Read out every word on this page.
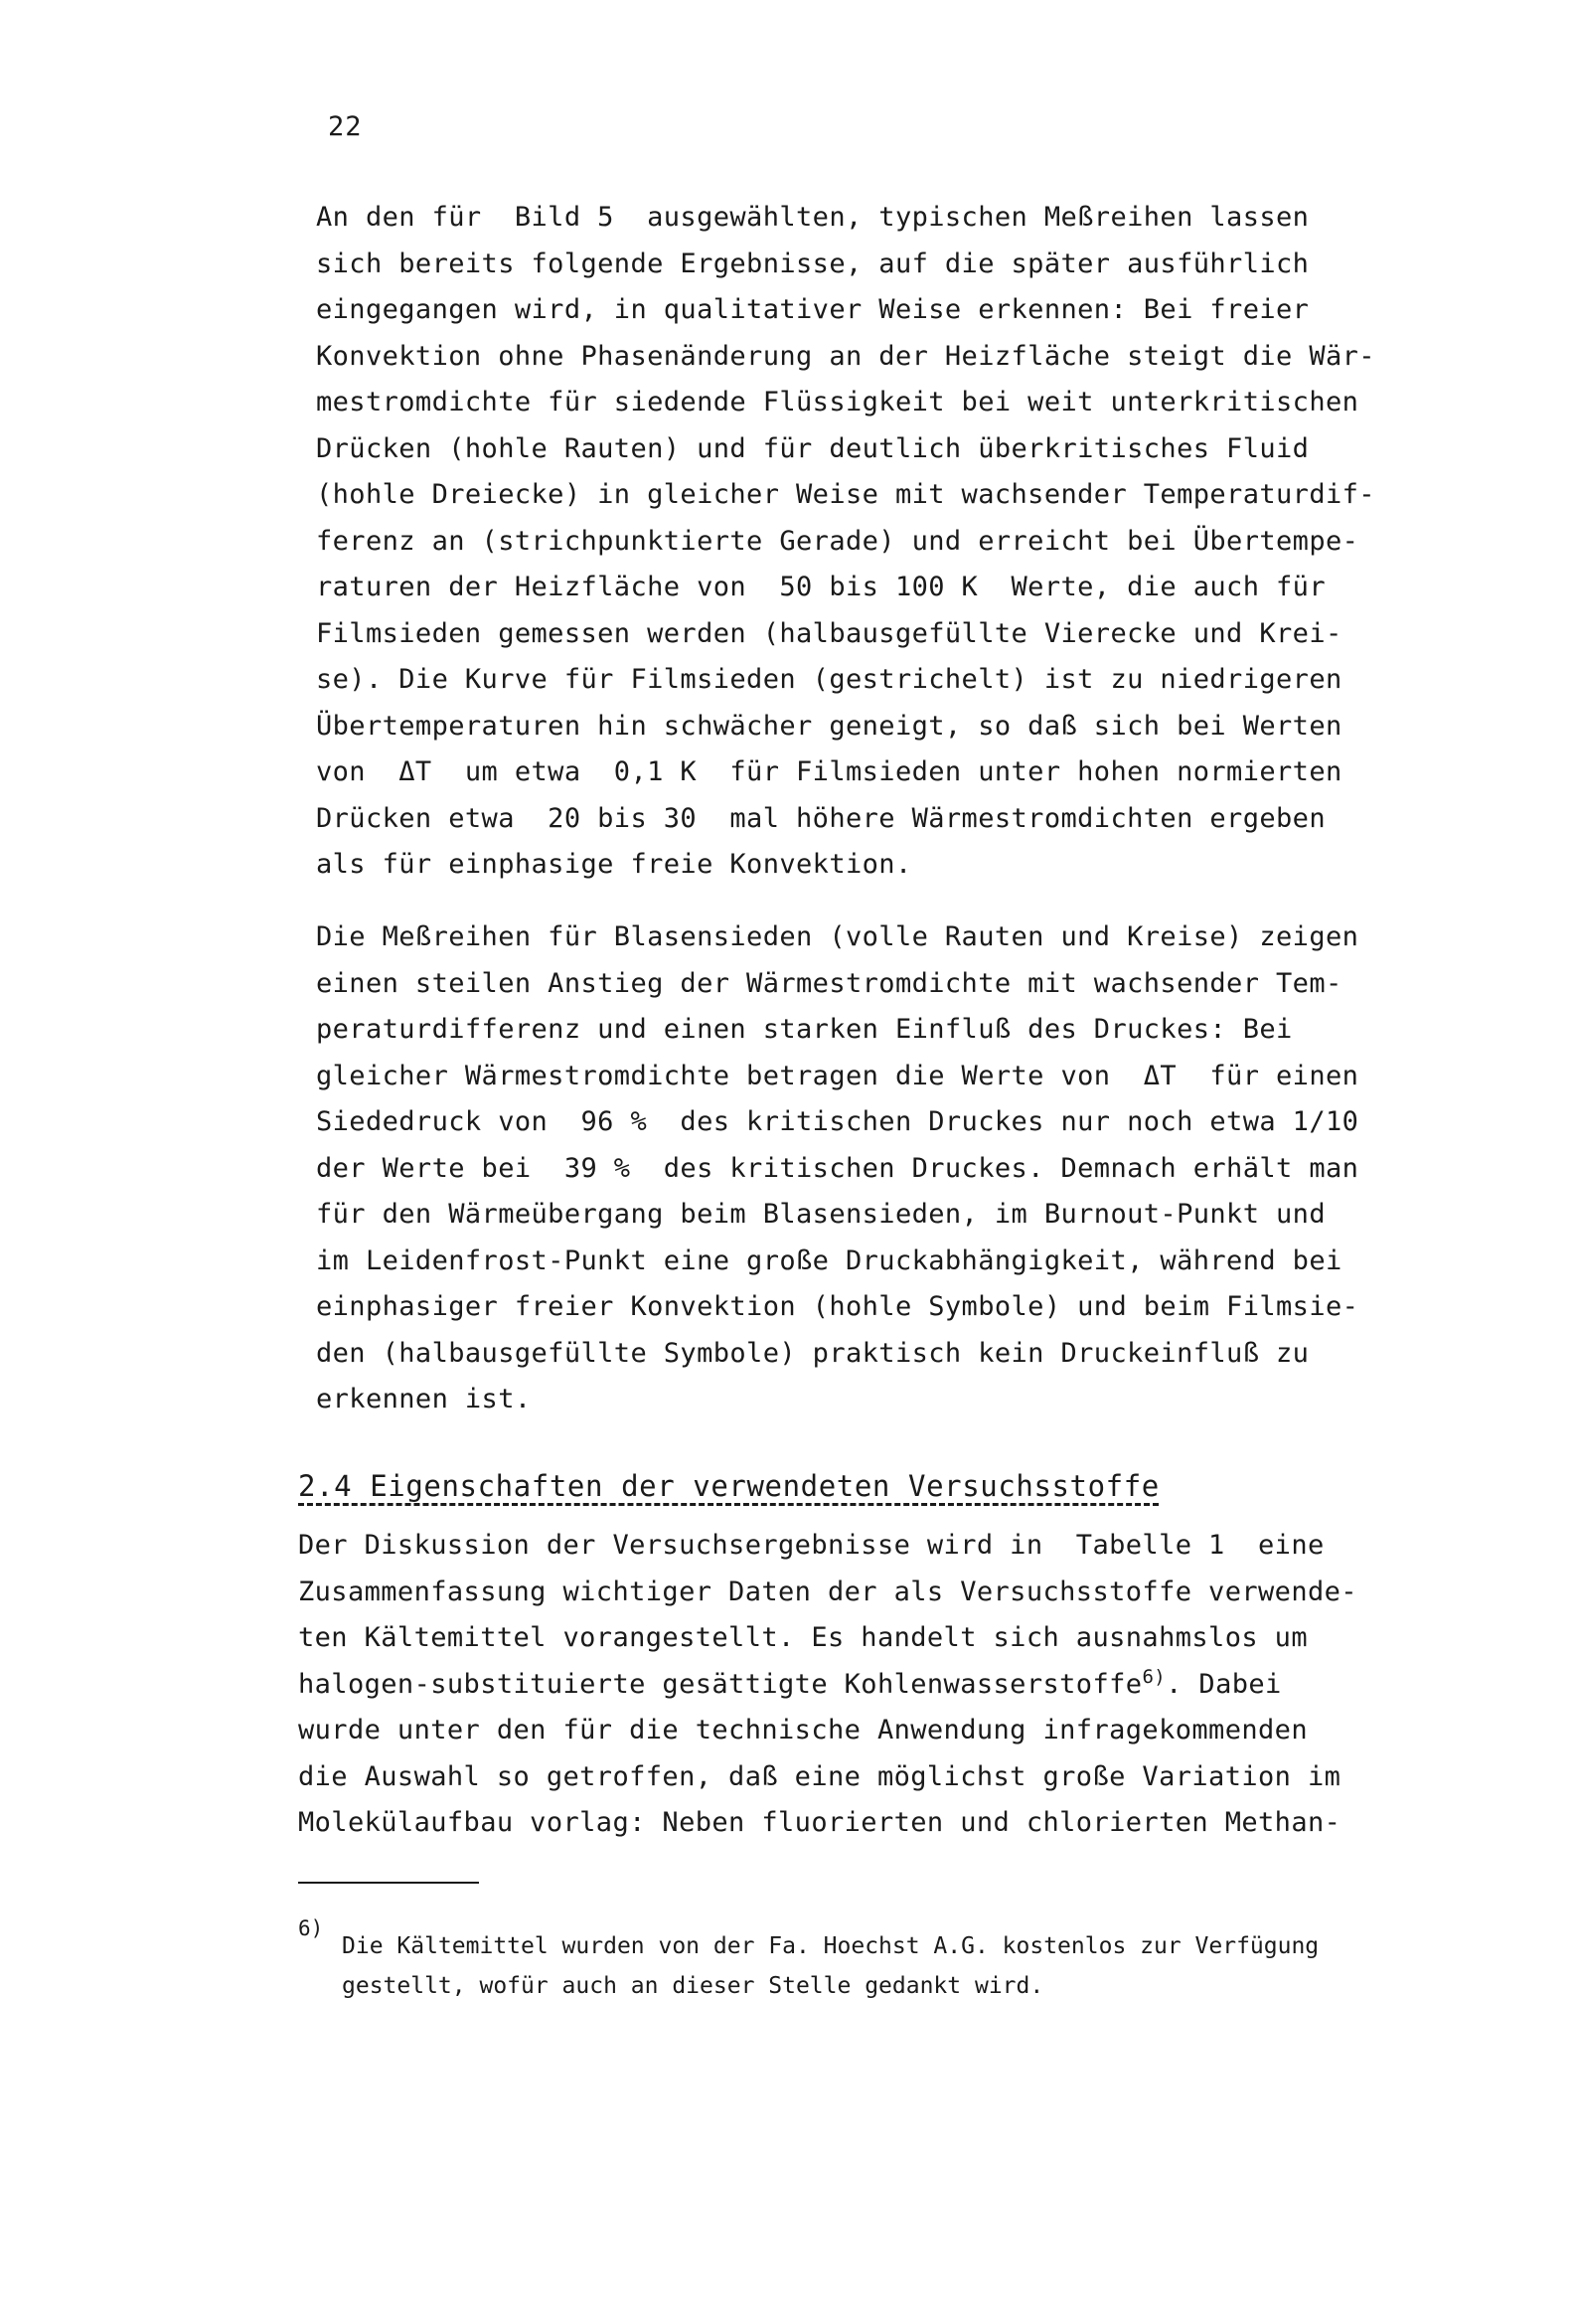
22
An den für  Bild 5  ausgewählten, typischen Meßreihen lassen
sich bereits folgende Ergebnisse, auf die später ausführlich
eingegangen wird, in qualitativer Weise erkennen: Bei freier
Konvektion ohne Phasenänderung an der Heizfläche steigt die Wär-
mestromdichte für siedende Flüssigkeit bei weit unterkritischen
Drücken (hohle Rauten) und für deutlich überkritisches Fluid
(hohle Dreiecke) in gleicher Weise mit wachsender Temperaturdif-
ferenz an (strichpunktierte Gerade) und erreicht bei Übertempe-
raturen der Heizfläche von  50 bis 100 K  Werte, die auch für
Filmsieden gemessen werden (halbausgefüllte Vierecke und Krei-
se). Die Kurve für Filmsieden (gestrichelt) ist zu niedrigeren
Übertemperaturen hin schwächer geneigt, so daß sich bei Werten
von  ΔT  um etwa  0,1 K  für Filmsieden unter hohen normierten
Drücken etwa  20 bis 30  mal höhere Wärmestromdichten ergeben
als für einphasige freie Konvektion.
Die Meßreihen für Blasensieden (volle Rauten und Kreise) zeigen
einen steilen Anstieg der Wärmestromdichte mit wachsender Tem-
peraturdifferenz und einen starken Einfluß des Druckes: Bei
gleicher Wärmestromdichte betragen die Werte von  ΔT  für einen
Siededruck von  96 %  des kritischen Druckes nur noch etwa 1/10
der Werte bei  39 %  des kritischen Druckes. Demnach erhält man
für den Wärmeübergang beim Blasensieden, im Burnout-Punkt und
im Leidenfrost-Punkt eine große Druckabhängigkeit, während bei
einphasiger freier Konvektion (hohle Symbole) und beim Filmsie-
den (halbausgefüllte Symbole) praktisch kein Druckeinfluß zu
erkennen ist.
2.4 Eigenschaften der verwendeten Versuchsstoffe
Der Diskussion der Versuchsergebnisse wird in  Tabelle 1  eine
Zusammenfassung wichtiger Daten der als Versuchsstoffe verwende-
ten Kältemittel vorangestellt. Es handelt sich ausnahmslos um
halogen-substituierte gesättigte Kohlenwasserstoffe$^{6)}$. Dabei
wurde unter den für die technische Anwendung infragekommenden
die Auswahl so getroffen, daß eine möglichst große Variation im
Molekülaufbau vorlag: Neben fluorierten und chlorierten Methan-
6)
Die Kältemittel wurden von der Fa. Hoechst A.G. kostenlos zur Verfügung
gestellt, wofür auch an dieser Stelle gedankt wird.
